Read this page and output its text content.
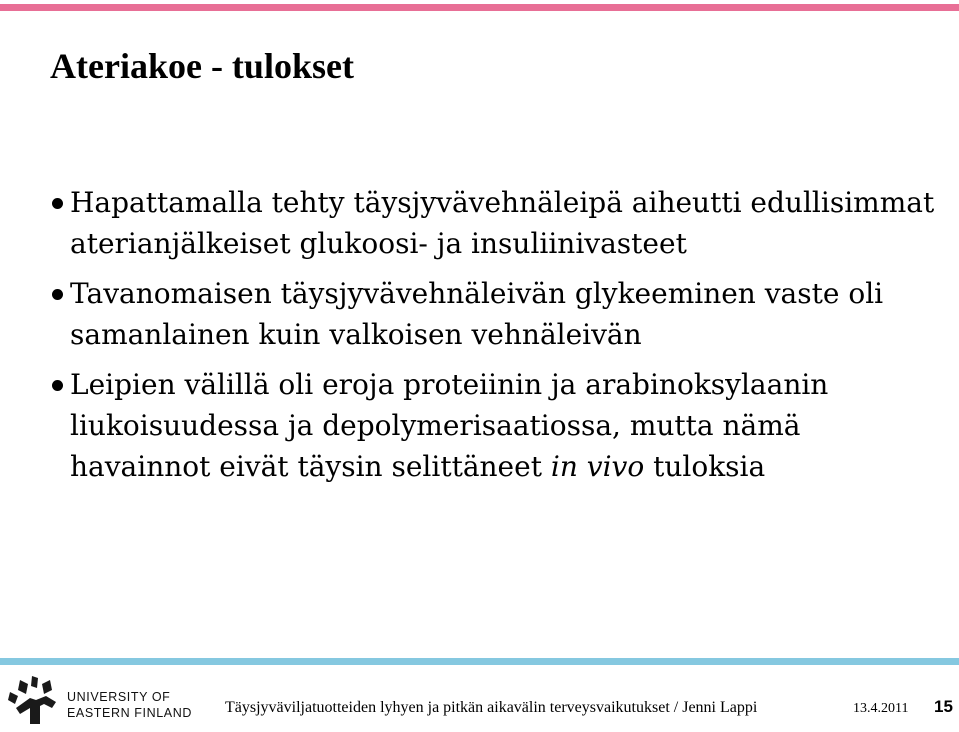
Ateriakoe - tulokset
Hapattamalla tehty täysjyvävehnäleipä aiheutti edullisimmat aterianjälkeiset glukoosi- ja insuliinivasteet
Tavanomaisen täysjyvävehnäleivän glykeeminen vaste oli samanlainen kuin valkoisen vehnäleivän
Leipien välillä oli eroja proteiinin ja arabinoksylaanin liukoisuudessa ja depolymerisaatiossa, mutta nämä havainnot eivät täysin selittäneet in vivo tuloksia
UNIVERSITY OF
EASTERN FINLAND Täysjyväviljatuotteiden lyhyen ja pitkän aikavälin terveysvaikutukset / Jenni Lappi	13.4.2011 15
